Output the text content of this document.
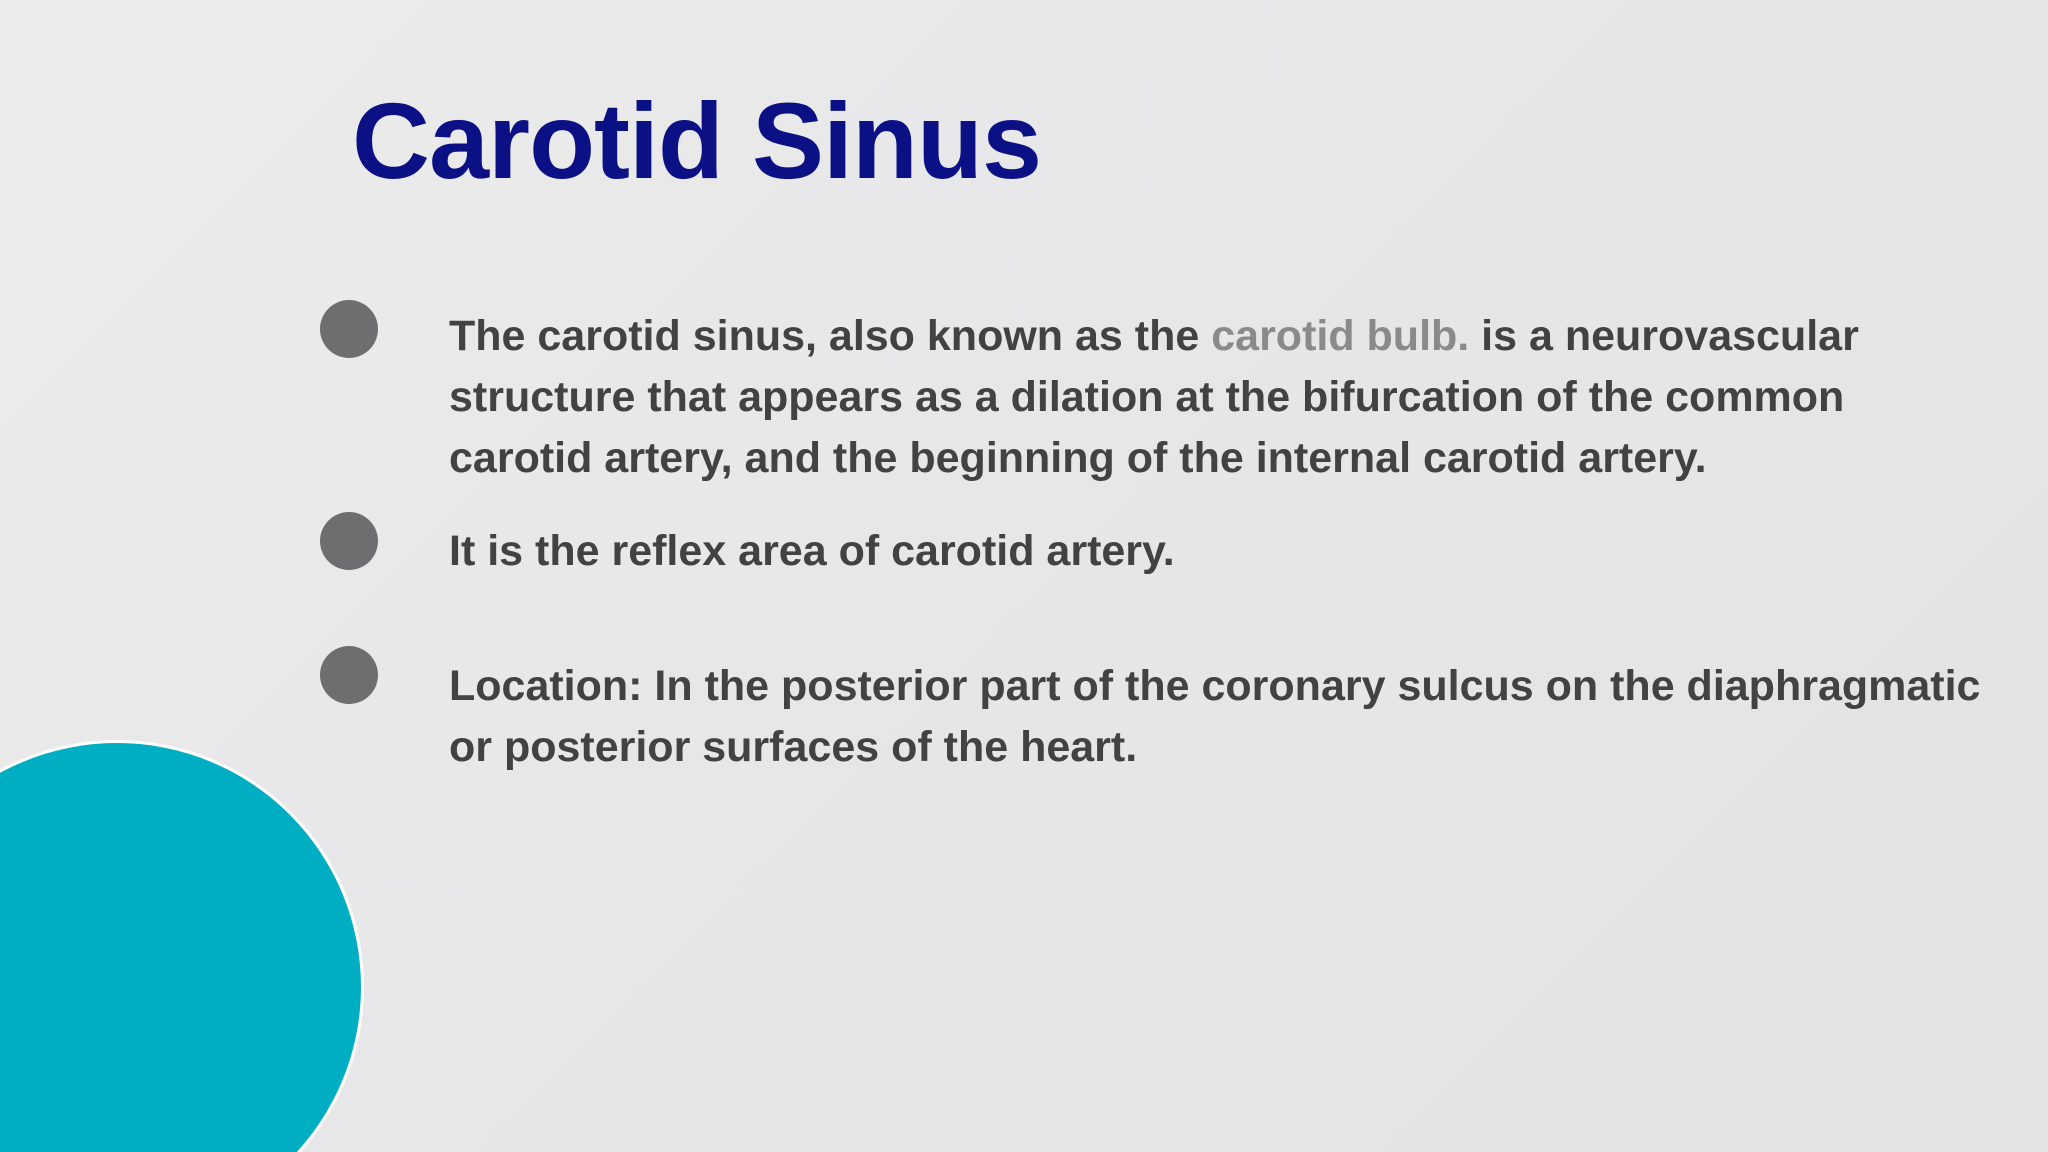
Carotid Sinus

The carotid sinus, also known as the carotid bulb. is a neurovascular structure that appears as a dilation at the bifurcation of the common carotid artery, and the beginning of the internal carotid artery.

It is the reflex area of carotid artery.

Location: In the posterior part of the coronary sulcus on the diaphragmatic or posterior surfaces of the heart.
